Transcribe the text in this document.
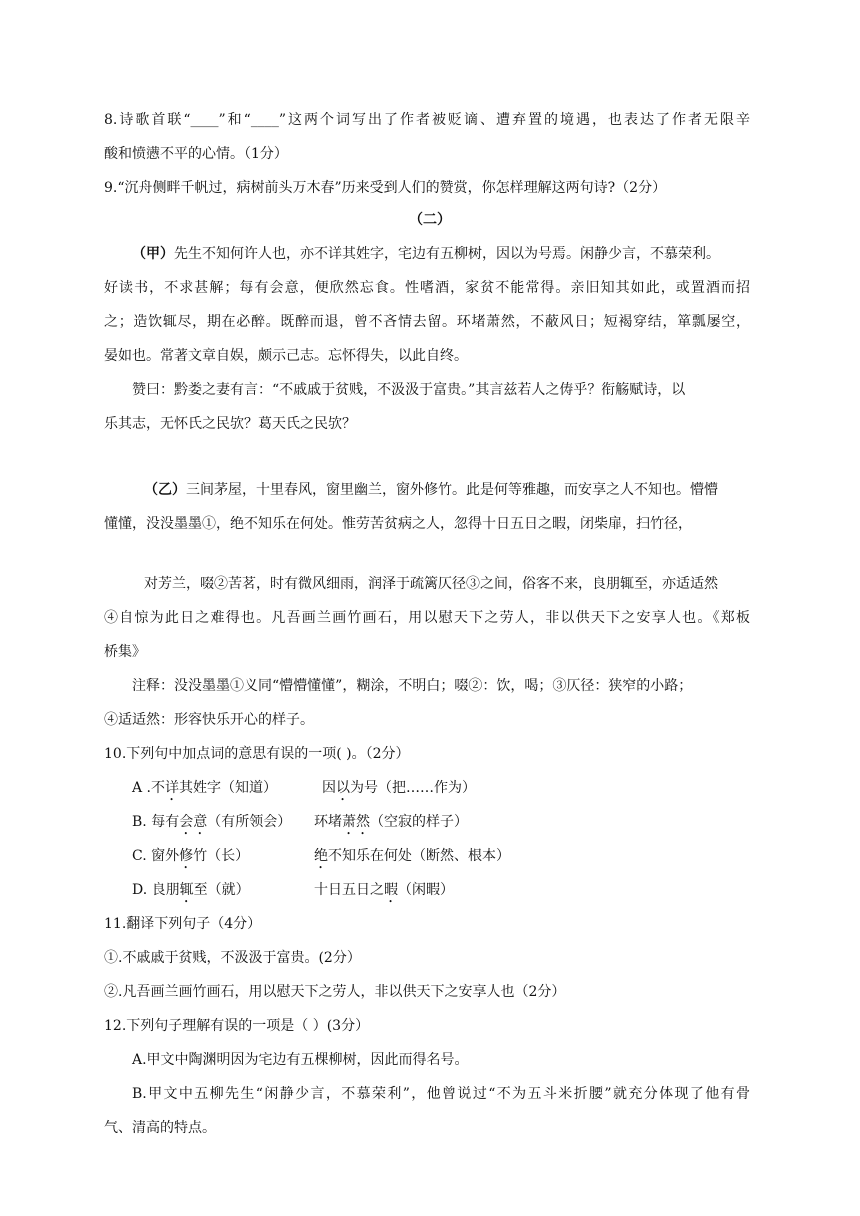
8.诗歌首联“____”和“____”这两个词写出了作者被贬谪、遭弃置的境遇，也表达了作者无限辛
酸和愤懑不平的心情。（1分）
9.“沉舟侧畔千帆过，病树前头万木春”历来受到人们的赞赏，你怎样理解这两句诗?（2分）
（二）
（甲）先生不知何许人也，亦不详其姓字，宅边有五柳树，因以为号焉。闲静少言，不慕荣利。
好读书，不求甚解；每有会意，便欣然忘食。性嗜酒，家贫不能常得。亲旧知其如此，或置酒而招
之；造饮辄尽，期在必醉。既醉而退，曾不吝情去留。环堵萧然，不蔽风日；短褐穿结，箪瓢屡空，
晏如也。常著文章自娱，颇示己志。忘怀得失，以此自终。
赞曰：黔娄之妻有言：“不戚戚于贫贱，不汲汲于富贵。”其言兹若人之俦乎？衔觞赋诗，以
乐其志，无怀氏之民欤？葛天氏之民欤？
（乙）三间茅屋，十里春风，窗里幽兰，窗外修竹。此是何等雅趣，而安享之人不知也。懵懵
懂懂，没没墨墨①，绝不知乐在何处。惟劳苦贫病之人，忽得十日五日之暇，闭柴扉，扫竹径，
对芳兰，啜②苦茗，时有微风细雨，润泽于疏篱仄径③之间，俗客不来，良朋辄至，亦适适然
④自惊为此日之难得也。凡吾画兰画竹画石，用以慰天下之劳人，非以供天下之安享人也。《郑板
桥集》
注释：没没墨墨①义同“懵懵懂懂”，糊涂，不明白；啜②：饮，喝；③仄径：狭窄的小路；
④适适然：形容快乐开心的样子。
10.下列句中加点词的意思有误的一项( )。（2分）
A .不详其姓字（知道）	因以为号（把……作为）
B. 每有会意（有所领会） 环堵萧然（空寂的样子）
C. 窗外修竹（长）	绝不知乐在何处（断然、根本）
D. 良朋辄至（就）	十日五日之暇（闲暇）
11.翻译下列句子（4分）
①.不戚戚于贫贱，不汲汲于富贵。(2分）
②.凡吾画兰画竹画石，用以慰天下之劳人，非以供天下之安享人也（2分）
12.下列句子理解有误的一项是（ ）(3分）
A.甲文中陶渊明因为宅边有五棵柳树，因此而得名号。
B.甲文中五柳先生“闲静少言，不慕荣利”，他曾说过“不为五斗米折腰”就充分体现了他有骨
气、清高的特点。
